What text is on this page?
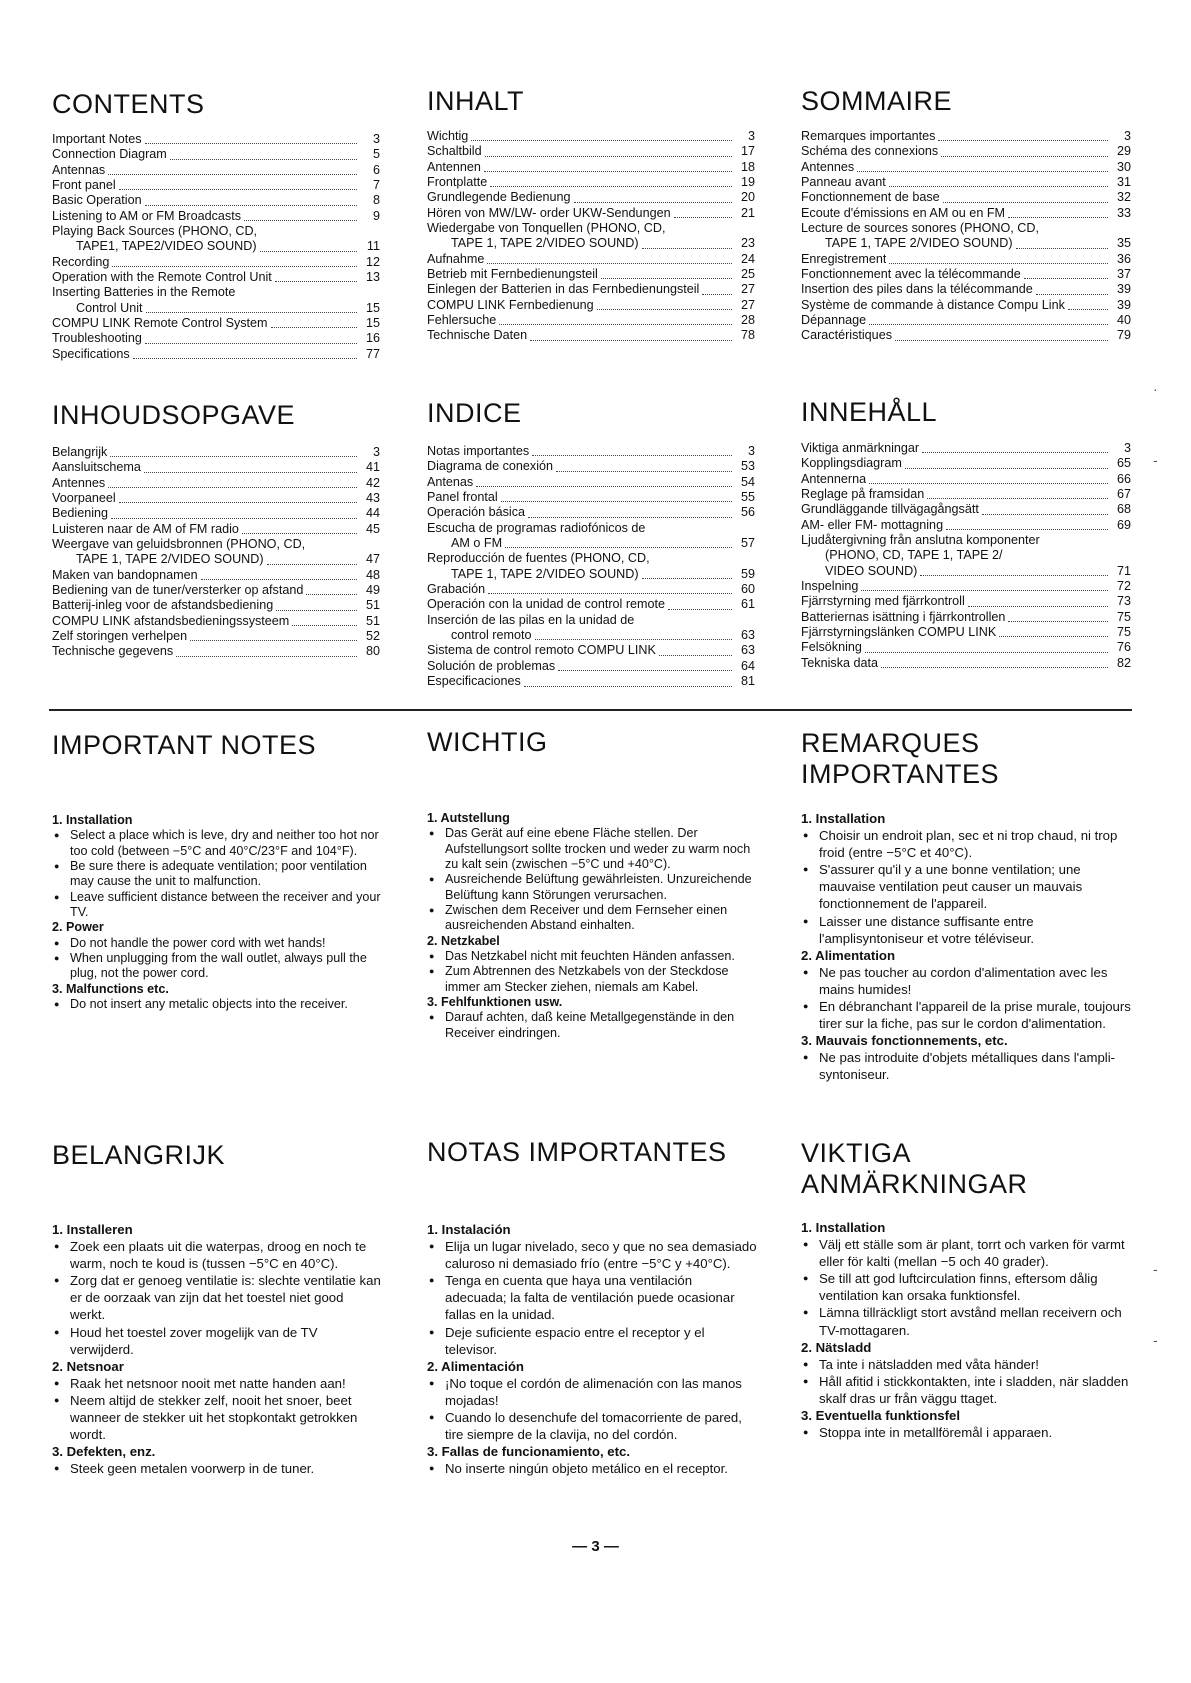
CONTENTS
Important Notes	3
Connection Diagram	5
Antennas	6
Front panel	7
Basic Operation	8
Listening to AM or FM Broadcasts	9
Playing Back Sources (PHONO, CD,
TAPE1, TAPE2/VIDEO SOUND)	11
Recording	12
Operation with the Remote Control Unit	13
Inserting Batteries in the Remote
Control Unit	15
COMPU LINK Remote Control System	15
Troubleshooting	16
Specifications	77
INHALT
Wichtig	3
Schaltbild	17
Antennen	18
Frontplatte	19
Grundlegende Bedienung	20
Hören von MW/LW- order UKW-Sendungen	21
Wiedergabe von Tonquellen (PHONO, CD,
TAPE 1, TAPE 2/VIDEO SOUND)	23
Aufnahme	24
Betrieb mit Fernbedienungsteil	25
Einlegen der Batterien in das Fernbedienungsteil	27
COMPU LINK Fernbedienung	27
Fehlersuche	28
Technische Daten	78
SOMMAIRE
Remarques importantes	3
Schéma des connexions	29
Antennes	30
Panneau avant	31
Fonctionnement de base	32
Ecoute d'émissions en AM ou en FM	33
Lecture de sources sonores (PHONO, CD,
TAPE 1, TAPE 2/VIDEO SOUND)	35
Enregistrement	36
Fonctionnement avec la télécommande	37
Insertion des piles dans la télécommande	39
Système de commande à distance Compu Link	39
Dépannage	40
Caractéristiques	79
INHOUDSOPGAVE
Belangrijk	3
Aansluitschema	41
Antennes	42
Voorpaneel	43
Bediening	44
Luisteren naar de AM of FM radio	45
Weergave van geluidsbronnen (PHONO, CD,
TAPE 1, TAPE 2/VIDEO SOUND)	47
Maken van bandopnamen	48
Bediening van de tuner/versterker op afstand	49
Batterij-inleg voor de afstandsbediening	51
COMPU LINK afstandsbedieningssysteem	51
Zelf storingen verhelpen	52
Technische gegevens	80
INDICE
Notas importantes	3
Diagrama de conexión	53
Antenas	54
Panel frontal	55
Operación básica	56
Escucha de programas radiofónicos de
AM o FM	57
Reproducción de fuentes (PHONO, CD,
TAPE 1, TAPE 2/VIDEO SOUND)	59
Grabación	60
Operación con la unidad de control remote	61
Inserción de las pilas en la unidad de
control remoto	63
Sistema de control remoto COMPU LINK	63
Solución de problemas	64
Especificaciones	81
INNEHÅLL
Viktiga anmärkningar	3
Kopplingsdiagram	65
Antennerna	66
Reglage på framsidan	67
Grundläggande tillvägagångsätt	68
AM- eller FM- mottagning	69
Ljudåtergivning från anslutna komponenter
(PHONO, CD, TAPE 1, TAPE 2/
VIDEO SOUND)	71
Inspelning	72
Fjärrstyrning med fjärrkontroll	73
Batteriernas isättning i fjärrkontrollen	75
Fjärrstyrningslänken COMPU LINK	75
Felsökning	76
Tekniska data	82
IMPORTANT NOTES
1. Installation
● Select a place which is leve, dry and neither too hot nor too cold (between −5°C and 40°C/23°F and 104°F).
● Be sure there is adequate ventilation; poor ventilation may cause the unit to malfunction.
● Leave sufficient distance between the receiver and your TV.
2. Power
● Do not handle the power cord with wet hands!
● When unplugging from the wall outlet, always pull the plug, not the power cord.
3. Malfunctions etc.
● Do not insert any metalic objects into the receiver.
WICHTIG
1. Autstellung
● Das Gerät auf eine ebene Fläche stellen. Der Aufstellungsort sollte trocken und weder zu warm noch zu kalt sein (zwischen −5°C und +40°C).
● Ausreichende Belüftung gewährleisten. Unzureichende Belüftung kann Störungen verursachen.
● Zwischen dem Receiver und dem Fernseher einen ausreichenden Abstand einhalten.
2. Netzkabel
● Das Netzkabel nicht mit feuchten Händen anfassen.
● Zum Abtrennen des Netzkabels von der Steckdose immer am Stecker ziehen, niemals am Kabel.
3. Fehlfunktionen usw.
● Darauf achten, daß keine Metallgegenstände in den Receiver eindringen.
REMARQUES IMPORTANTES
1. Installation
● Choisir un endroit plan, sec et ni trop chaud, ni trop froid (entre −5°C et 40°C).
● S'assurer qu'il y a une bonne ventilation; une mauvaise ventilation peut causer un mauvais fonctionnement de l'appareil.
● Laisser une distance suffisante entre l'amplisyntoniseur et votre téléviseur.
2. Alimentation
● Ne pas toucher au cordon d'alimentation avec les mains humides!
● En débranchant l'appareil de la prise murale, toujours tirer sur la fiche, pas sur le cordon d'alimentation.
3. Mauvais fonctionnements, etc.
● Ne pas introduite d'objets métalliques dans l'ampli-syntoniseur.
BELANGRIJK
1. Installeren
● Zoek een plaats uit die waterpas, droog en noch te warm, noch te koud is (tussen −5°C en 40°C).
● Zorg dat er genoeg ventilatie is: slechte ventilatie kan er de oorzaak van zijn dat het toestel niet good werkt.
● Houd het toestel zover mogelijk van de TV verwijderd.
2. Netsnoar
● Raak het netsnoor nooit met natte handen aan!
● Neem altijd de stekker zelf, nooit het snoer, beet wanneer de stekker uit het stopkontakt getrokken wordt.
3. Defekten, enz.
● Steek geen metalen voorwerp in de tuner.
NOTAS IMPORTANTES
1. Instalación
● Elija un lugar nivelado, seco y que no sea demasiado caluroso ni demasiado frío (entre −5°C y +40°C).
● Tenga en cuenta que haya una ventilación adecuada; la falta de ventilación puede ocasionar fallas en la unidad.
● Deje suficiente espacio entre el receptor y el televisor.
2. Alimentación
● ¡No toque el cordón de alimenación con las manos mojadas!
● Cuando lo desenchufe del tomacorriente de pared, tire siempre de la clavija, no del cordón.
3. Fallas de funcionamiento, etc.
● No inserte ningún objeto metálico en el receptor.
VIKTIGA ANMÄRKNINGAR
1. Installation
● Välj ett ställe som är plant, torrt och varken för varmt eller för kalti (mellan −5 och 40 grader).
● Se till att god luftcirculation finns, eftersom dålig ventilation kan orsaka funktionsfel.
● Lämna tillräckligt stort avstånd mellan receivern och TV-mottagaren.
2. Nätsladd
● Ta inte i nätsladden med våta händer!
● Håll afitid i stickkontakten, inte i sladden, när sladden skalf dras ur från väggu ttaget.
3. Eventuella funktionsfel
● Stoppa inte in metallföremål i apparaen.
— 3 —
·
-
-
-
